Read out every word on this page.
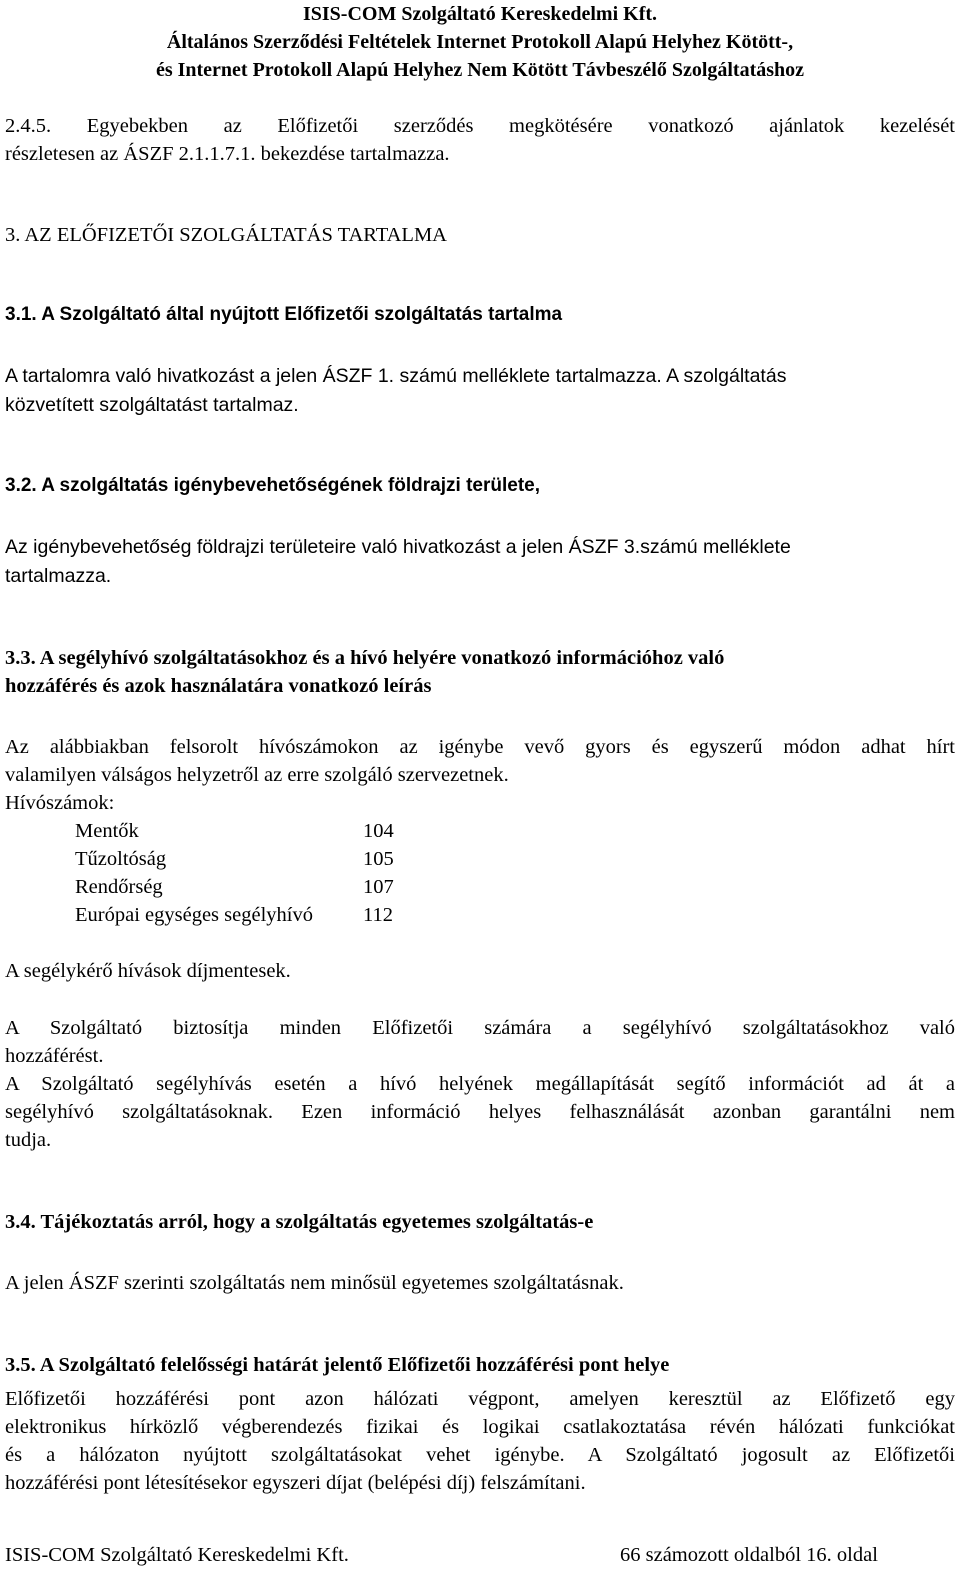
ISIS-COM Szolgáltató Kereskedelmi Kft.
Általános Szerződési Feltételek Internet Protokoll Alapú Helyhez Kötött-,
és Internet Protokoll Alapú Helyhez Nem Kötött Távbeszélő Szolgáltatáshoz
2.4.5. Egyebekben az Előfizetői szerződés megkötésére vonatkozó ajánlatok kezelését
részletesen az ÁSZF 2.1.1.7.1. bekezdése tartalmazza.
3. AZ ELŐFIZETŐI SZOLGÁLTATÁS TARTALMA
3.1. A Szolgáltató által nyújtott Előfizetői szolgáltatás tartalma
A tartalomra való hivatkozást a jelen ÁSZF 1. számú melléklete tartalmazza. A szolgáltatás
közvetített szolgáltatást tartalmaz.
3.2. A szolgáltatás igénybevehetőségének földrajzi területe,
Az igénybevehetőség földrajzi területeire való hivatkozást a jelen ÁSZF 3.számú melléklete
tartalmazza.
3.3. A segélyhívó szolgáltatásokhoz és a hívó helyére vonatkozó információhoz való
hozzáférés és azok használatára vonatkozó leírás
Az alábbiakban felsorolt hívószámokon az igénybe vevő gyors és egyszerű módon adhat hírt
valamilyen válságos helyzetről az erre szolgáló szervezetnek.
Hívószámok:
Mentők	104
Tűzoltóság	105
Rendőrség	107
Európai egységes segélyhívó 112
A segélykérő hívások díjmentesek.
A Szolgáltató biztosítja minden Előfizetői számára a segélyhívó szolgáltatásokhoz való
hozzáférést.
A Szolgáltató segélyhívás esetén a hívó helyének megállapítását segítő információt ad át a
segélyhívó szolgáltatásoknak. Ezen információ helyes felhasználását azonban garantálni nem
tudja.
3.4. Tájékoztatás arról, hogy a szolgáltatás egyetemes szolgáltatás-e
A jelen ÁSZF szerinti szolgáltatás nem minősül egyetemes szolgáltatásnak.
3.5. A Szolgáltató felelősségi határát jelentő Előfizetői hozzáférési pont helye
Előfizetői hozzáférési pont azon hálózati végpont, amelyen keresztül az Előfizető egy
elektronikus hírközlő végberendezés fizikai és logikai csatlakoztatása révén hálózati funkciókat
és a hálózaton nyújtott szolgáltatásokat vehet igénybe. A Szolgáltató jogosult az Előfizetői
hozzáférési pont létesítésekor egyszeri díjat (belépési díj) felszámítani.
ISIS-COM Szolgáltató Kereskedelmi Kft.	66 számozott oldalból 16. oldal
